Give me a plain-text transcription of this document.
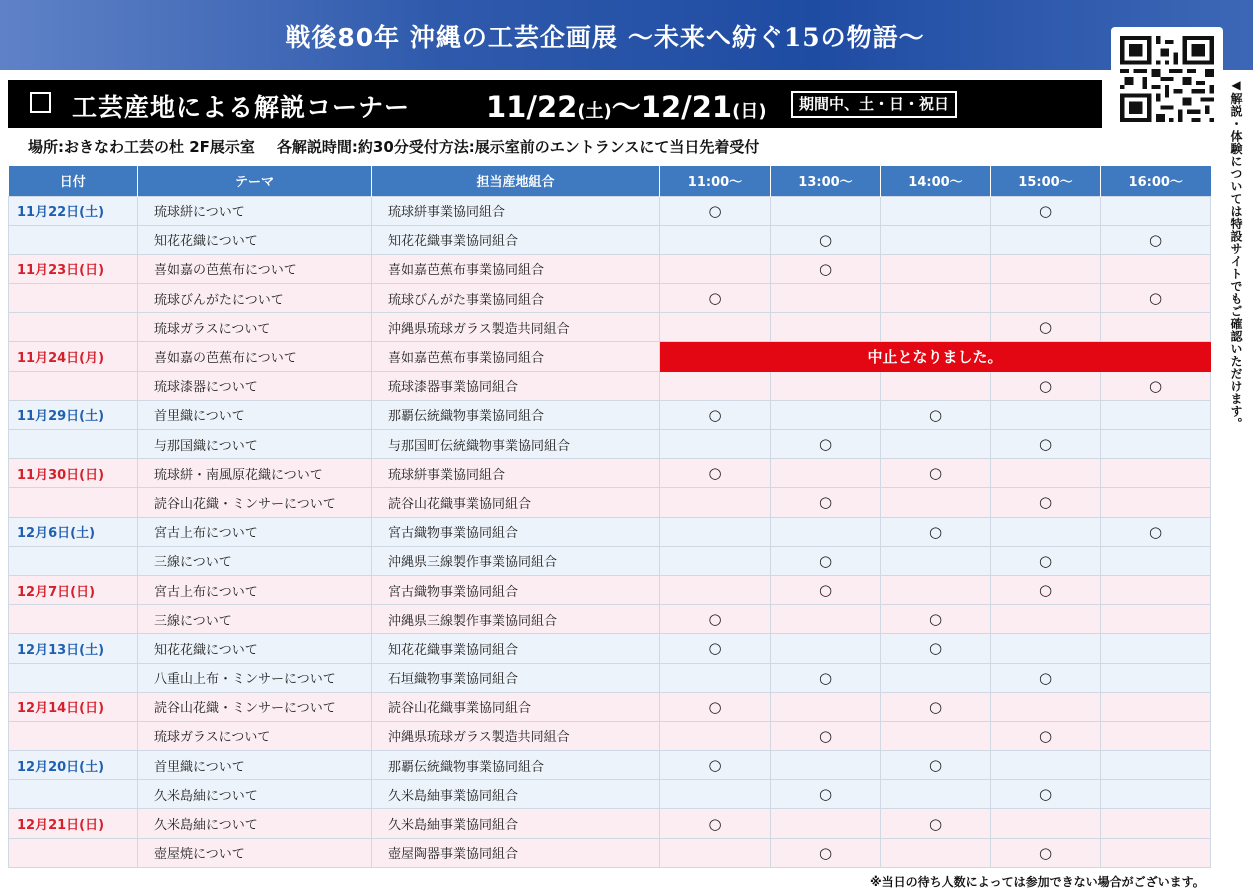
戦後80年 沖縄の工芸企画展 〜未来へ紡ぐ15の物語〜
◀解説・体験については特設サイトでもご確認いただけます。
工芸産地による解説コーナー	11/22(土)〜12/21(日)	期間中、土・日・祝日
場所:おきなわ工芸の杜 2F展示室 各解説時間:約30分受付方法:展示室前のエントランスにて当日先着受付
日付	テーマ	担当産地組合	11:00〜	13:00〜	14:00〜	15:00〜	16:00〜
11月22日(土)	琉球絣について	琉球絣事業協同組合	○			○	
	知花花織について	知花花織事業協同組合		○			○
11月23日(日)	喜如嘉の芭蕉布について	喜如嘉芭蕉布事業協同組合		○			
	琉球びんがたについて	琉球びんがた事業協同組合	○				○
	琉球ガラスについて	沖縄県琉球ガラス製造共同組合				○	
11月24日(月)	喜如嘉の芭蕉布について	喜如嘉芭蕉布事業協同組合	中止となりました。				
	琉球漆器について	琉球漆器事業協同組合				○	○
11月29日(土)	首里織について	那覇伝統織物事業協同組合	○		○		
	与那国織について	与那国町伝統織物事業協同組合		○		○	
11月30日(日)	琉球絣・南風原花織について	琉球絣事業協同組合	○		○		
	読谷山花織・ミンサーについて	読谷山花織事業協同組合		○		○	
12月6日(土)	宮古上布について	宮古織物事業協同組合			○		○
	三線について	沖縄県三線製作事業協同組合		○		○	
12月7日(日)	宮古上布について	宮古織物事業協同組合		○		○	
	三線について	沖縄県三線製作事業協同組合	○		○		
12月13日(土)	知花花織について	知花花織事業協同組合	○		○		
	八重山上布・ミンサーについて	石垣織物事業協同組合		○		○	
12月14日(日)	読谷山花織・ミンサーについて	読谷山花織事業協同組合	○		○		
	琉球ガラスについて	沖縄県琉球ガラス製造共同組合		○		○	
12月20日(土)	首里織について	那覇伝統織物事業協同組合	○		○		
	久米島紬について	久米島紬事業協同組合		○		○	
12月21日(日)	久米島紬について	久米島紬事業協同組合	○		○		
	壺屋焼について	壺屋陶器事業協同組合		○		○	
※当日の待ち人数によっては参加できない場合がございます。
